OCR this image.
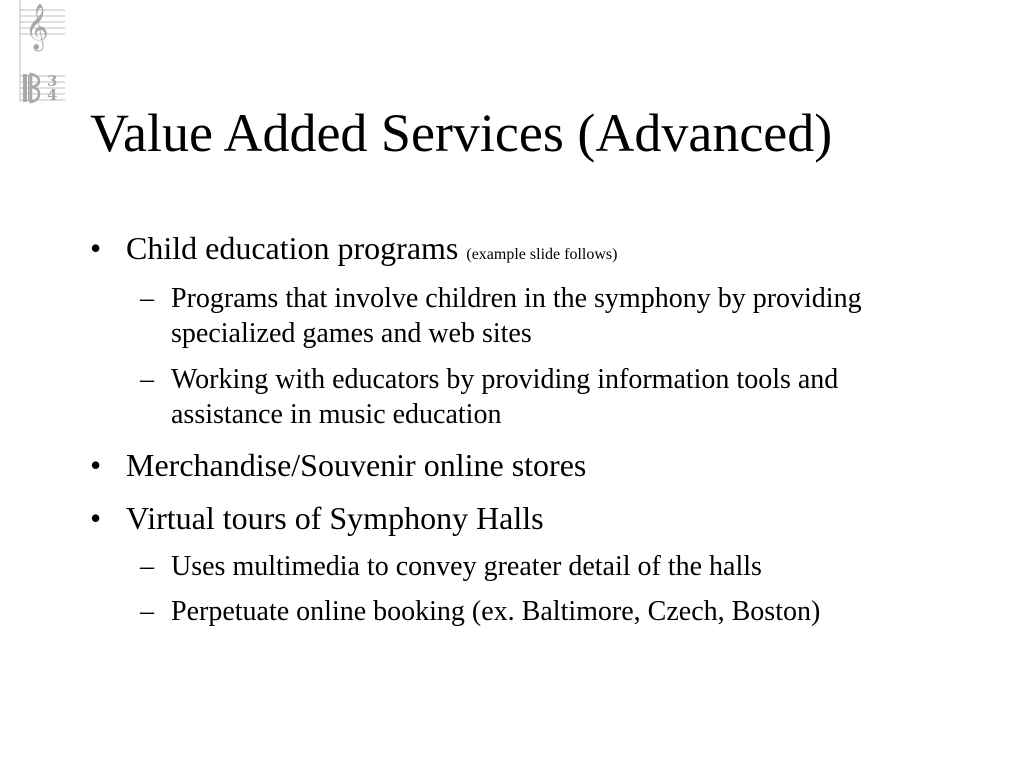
𝄞
3
4
Value Added Services (Advanced)
• Child education programs (example slide follows)
– Programs that involve children in the symphony by providing specialized games and web sites
– Working with educators by providing information tools and assistance in music education
• Merchandise/Souvenir online stores
• Virtual tours of Symphony Halls
– Uses multimedia to convey greater detail of the halls
– Perpetuate online booking (ex. Baltimore, Czech, Boston)
